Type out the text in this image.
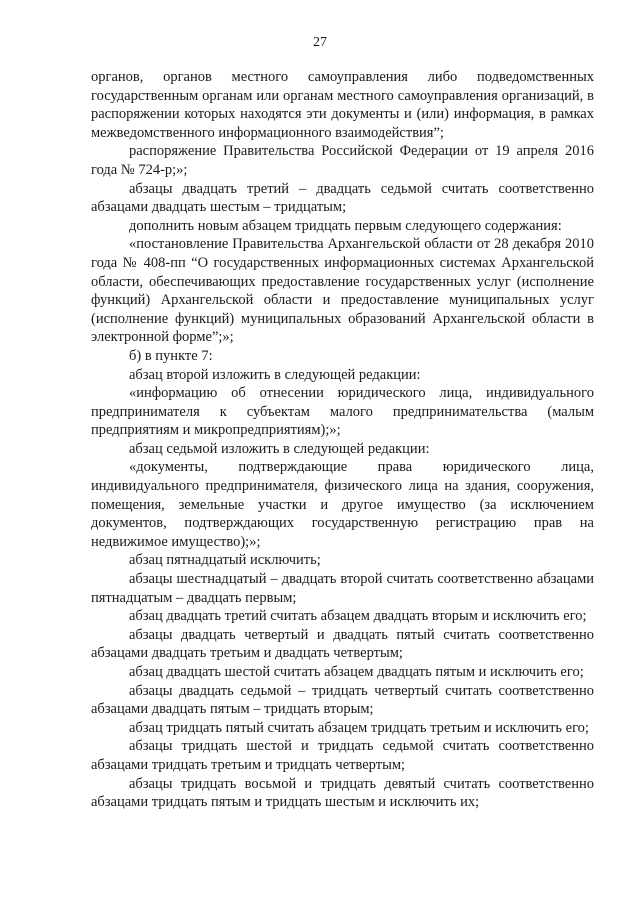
27

органов, органов местного самоуправления либо подведомственных государственным органам или органам местного самоуправления организаций, в распоряжении которых находятся эти документы и (или) информация, в рамках межведомственного информационного взаимодействия”;

распоряжение Правительства Российской Федерации от 19 апреля 2016 года № 724-р;»;

абзацы двадцать третий – двадцать седьмой считать соответственно абзацами двадцать шестым – тридцатым;

дополнить новым абзацем тридцать первым следующего содержания:

«постановление Правительства Архангельской области от 28 декабря 2010 года № 408-пп “О государственных информационных системах Архангельской области, обеспечивающих предоставление государственных услуг (исполнение функций) Архангельской области и предоставление муниципальных услуг (исполнение функций) муниципальных образований Архангельской области в электронной форме”;»;

б) в пункте 7:

абзац второй изложить в следующей редакции:

«информацию об отнесении юридического лица, индивидуального предпринимателя к субъектам малого предпринимательства (малым предприятиям и микропредприятиям);»;

абзац седьмой изложить в следующей редакции:

«документы, подтверждающие права юридического лица, индивидуального предпринимателя, физического лица на здания, сооружения, помещения, земельные участки и другое имущество (за исключением документов, подтверждающих государственную регистрацию прав на недвижимое имущество);»;

абзац пятнадцатый исключить;

абзацы шестнадцатый – двадцать второй считать соответственно абзацами пятнадцатым – двадцать первым;

абзац двадцать третий считать абзацем двадцать вторым и исключить его;

абзацы двадцать четвертый и двадцать пятый считать соответственно абзацами двадцать третьим и двадцать четвертым;

абзац двадцать шестой считать абзацем двадцать пятым и исключить его;

абзацы двадцать седьмой – тридцать четвертый считать соответственно абзацами двадцать пятым – тридцать вторым;

абзац тридцать пятый считать абзацем тридцать третьим и исключить его;

абзацы тридцать шестой и тридцать седьмой считать соответственно абзацами тридцать третьим и тридцать четвертым;

абзацы тридцать восьмой и тридцать девятый считать соответственно абзацами тридцать пятым и тридцать шестым и исключить их;
